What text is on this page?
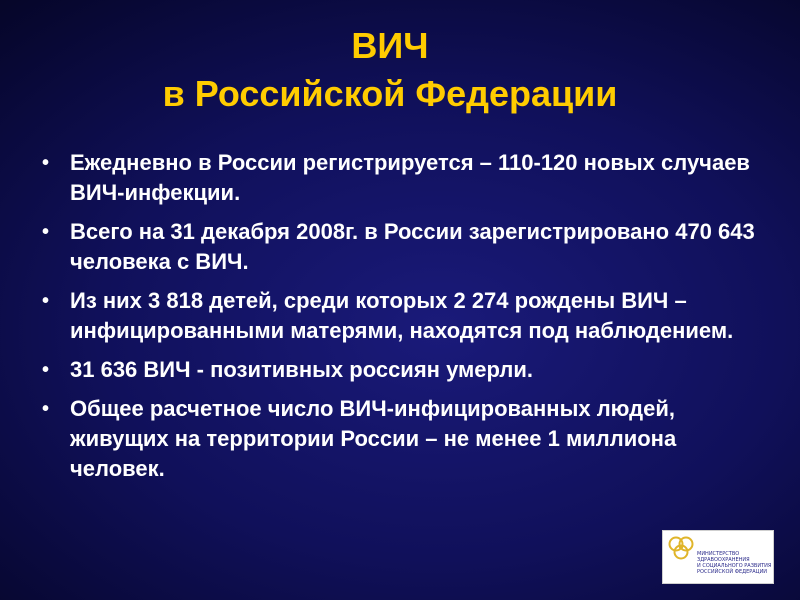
ВИЧ
в Российской Федерации
• Ежедневно в России регистрируется – 110-120 новых случаев ВИЧ-инфекции.
• Всего на 31 декабря 2008г. в России зарегистрировано 470 643 человека с ВИЧ.
• Из них 3 818 детей, среди которых 2 274 рождены ВИЧ – инфицированными матерями, находятся под наблюдением.
• 31 636 ВИЧ - позитивных россиян умерли.
• Общее расчетное число ВИЧ-инфицированных людей, живущих на территории России – не менее 1 миллиона человек.
МИНИСТЕРСТВО
ЗДРАВООХРАНЕНИЯ
И СОЦИАЛЬНОГО РАЗВИТИЯ
РОССИЙСКОЙ ФЕДЕРАЦИИ
